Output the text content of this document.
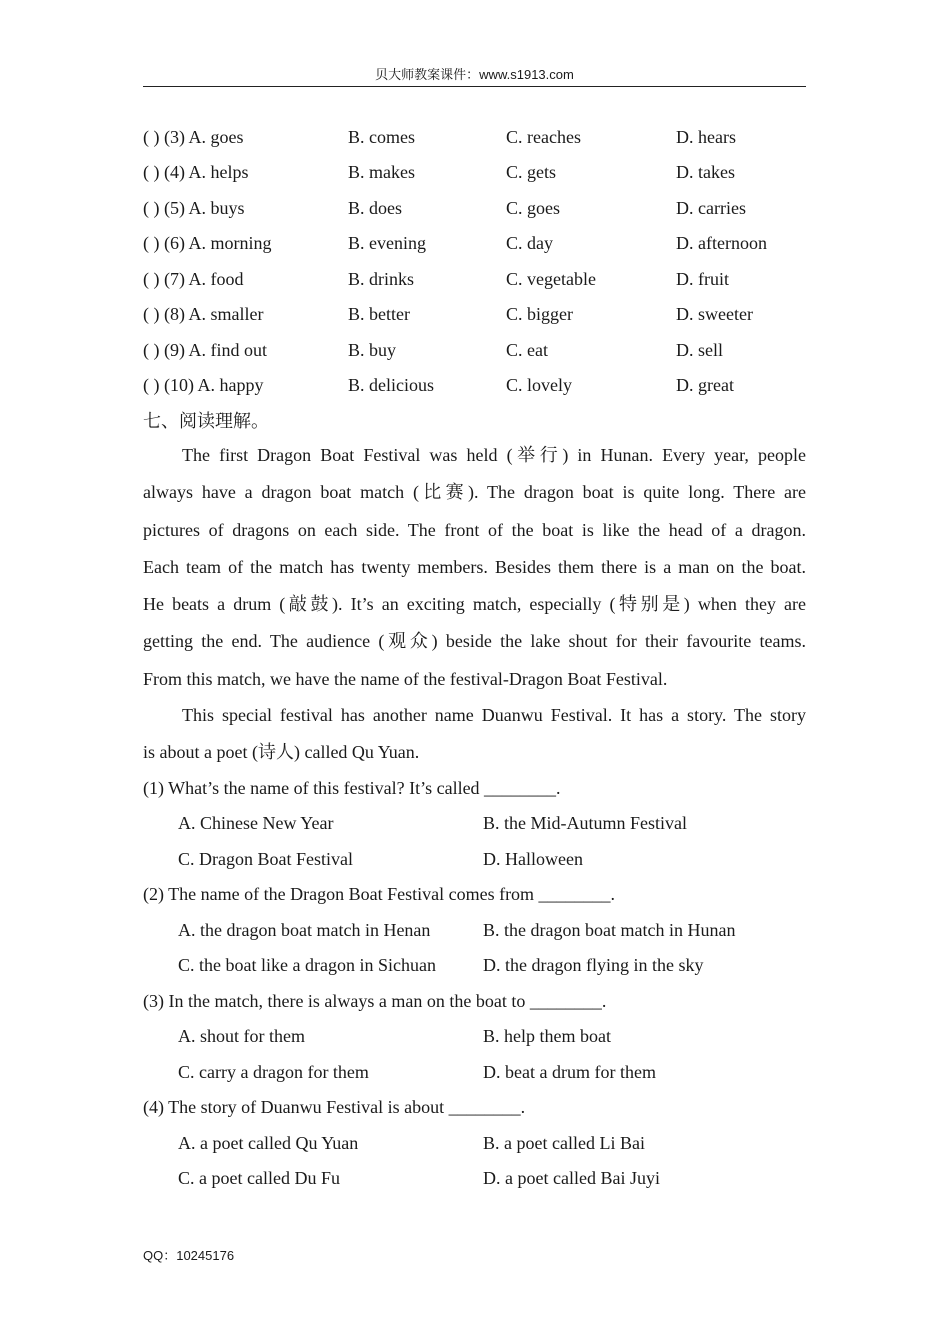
贝大师教案课件：www.s1913.com
( ) (3) A. goes	B. comes	C. reaches	D. hears
( ) (4) A. helps	B. makes	C. gets	D. takes
( ) (5) A. buys	B. does	C. goes	D. carries
( ) (6) A. morning	B. evening	C. day	D. afternoon
( ) (7) A. food	B. drinks	C. vegetable	D. fruit
( ) (8) A. smaller	B. better	C. bigger	D. sweeter
( ) (9) A. find out	B. buy	C. eat	D. sell
( ) (10) A. happy	B. delicious	C. lovely	D. great
七、阅读理解。
The first Dragon Boat Festival was held (举行) in Hunan. Every year, people
always have a dragon boat match (比赛). The dragon boat is quite long. There are
pictures of dragons on each side. The front of the boat is like the head of a dragon.
Each team of the match has twenty members. Besides them there is a man on the boat.
He beats a drum (敲鼓). It’s an exciting match, especially (特别是) when they are
getting the end. The audience (观众) beside the lake shout for their favourite teams.
From this match, we have the name of the festival-Dragon Boat Festival.
This special festival has another name Duanwu Festival. It has a story. The story
is about a poet (诗人) called Qu Yuan.
(1) What’s the name of this festival? It’s called ________.
A. Chinese New Year	B. the Mid-Autumn Festival
C. Dragon Boat Festival	D. Halloween
(2) The name of the Dragon Boat Festival comes from ________.
A. the dragon boat match in Henan	B. the dragon boat match in Hunan
C. the boat like a dragon in Sichuan	D. the dragon flying in the sky
(3) In the match, there is always a man on the boat to ________.
A. shout for them	B. help them boat
C. carry a dragon for them	D. beat a drum for them
(4) The story of Duanwu Festival is about ________.
A. a poet called Qu Yuan	B. a poet called Li Bai
C. a poet called Du Fu	D. a poet called Bai Juyi
QQ：10245176
